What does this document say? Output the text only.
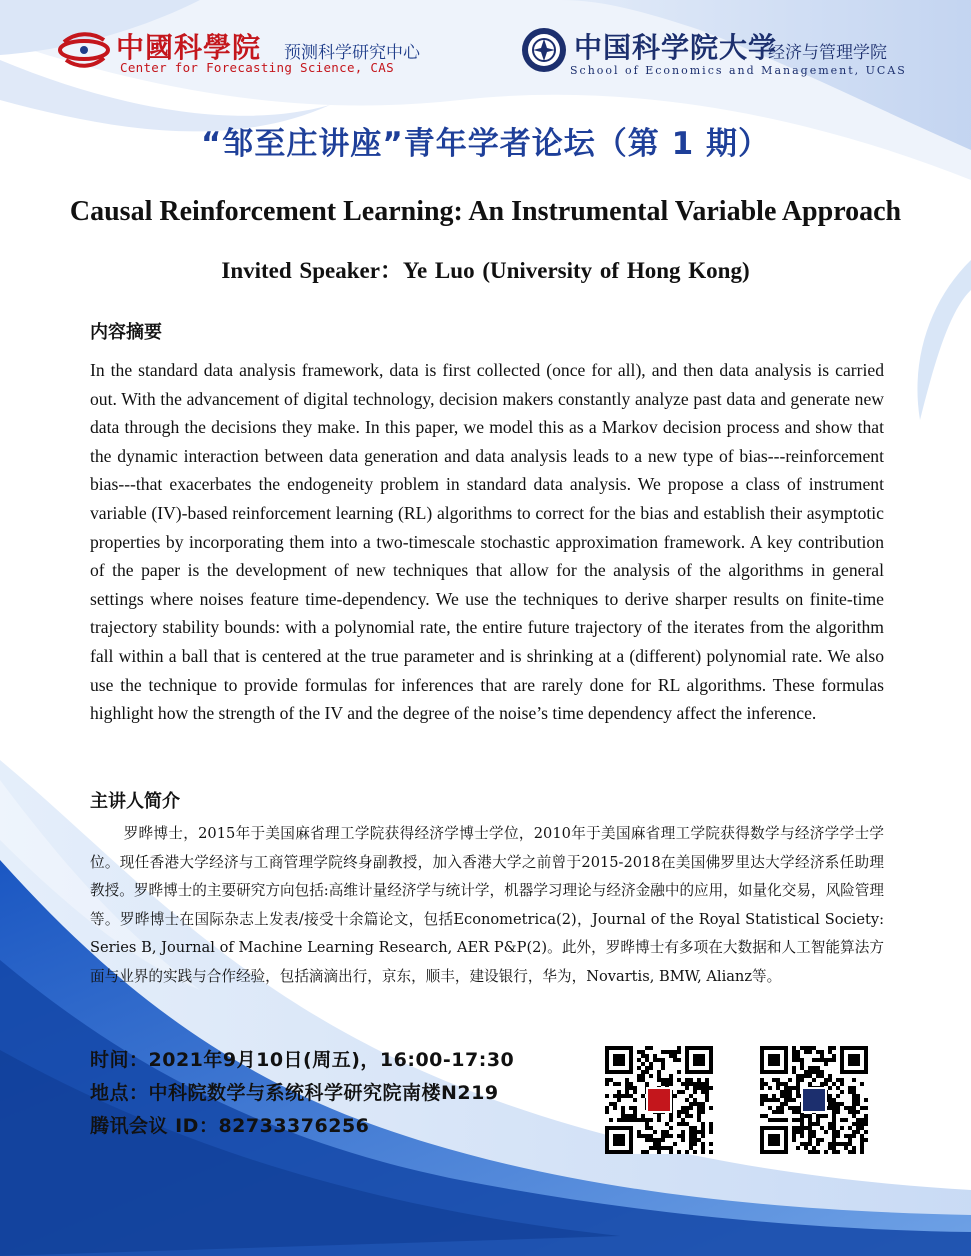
中國科學院 预测科学研究中心
Center for Forecasting Science, CAS
中国科学院大学
经济与管理学院
School of Economics and Management, UCAS
“邹至庄讲座”青年学者论坛（第 1 期）
Causal Reinforcement Learning: An Instrumental Variable Approach
Invited Speaker：Ye Luo (University of Hong Kong)
内容摘要
In the standard data analysis framework, data is first collected (once for all), and then data analysis is carried out. With the advancement of digital technology, decision makers constantly analyze past data and generate new data through the decisions they make. In this paper, we model this as a Markov decision process and show that the dynamic interaction between data generation and data analysis leads to a new type of bias---reinforcement bias---that exacerbates the endogeneity problem in standard data analysis. We propose a class of instrument variable (IV)-based reinforcement learning (RL) algorithms to correct for the bias and establish their asymptotic properties by incorporating them into a two-timescale stochastic approximation framework. A key contribution of the paper is the development of new techniques that allow for the analysis of the algorithms in general settings where noises feature time-dependency. We use the techniques to derive sharper results on finite-time trajectory stability bounds: with a polynomial rate, the entire future trajectory of the iterates from the algorithm fall within a ball that is centered at the true parameter and is shrinking at a (different) polynomial rate. We also use the technique to provide formulas for inferences that are rarely done for RL algorithms. These formulas highlight how the strength of the IV and the degree of the noise’s time dependency affect the inference.
主讲人简介
罗晔博士，2015年于美国麻省理工学院获得经济学博士学位，2010年于美国麻省理工学院获得数学与经济学学士学位。现任香港大学经济与工商管理学院终身副教授，加入香港大学之前曾于2015-2018在美国佛罗里达大学经济系任助理教授。罗晔博士的主要研究方向包括:高维计量经济学与统计学，机器学习理论与经济金融中的应用，如量化交易，风险管理等。罗晔博士在国际杂志上发表/接受十余篇论文，包括Econometrica(2)，Journal of the Royal Statistical Society: Series B, Journal of Machine Learning Research, AER P&P(2)。此外，罗晔博士有多项在大数据和人工智能算法方面与业界的实践与合作经验，包括滴滴出行，京东，顺丰，建设银行，华为，Novartis, BMW, Alianz等。
时间：2021年9月10日(周五)，16:00-17:30
地点：中科院数学与系统科学研究院南楼N219
腾讯会议 ID：82733376256
